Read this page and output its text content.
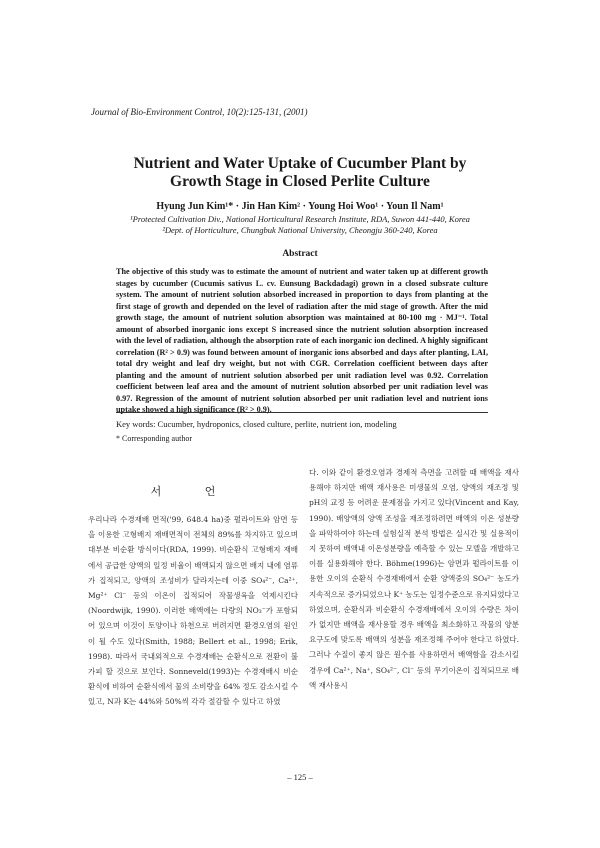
Journal of Bio-Environment Control, 10(2):125-131, (2001)
Nutrient and Water Uptake of Cucumber Plant by
Growth Stage in Closed Perlite Culture
Hyung Jun Kim¹* · Jin Han Kim² · Young Hoi Woo¹ · Youn Il Nam¹
¹Protected Cultivation Div., National Horticultural Research Institute, RDA, Suwon 441-440, Korea
²Dept. of Horticulture, Chungbuk National University, Cheongju 360-240, Korea
Abstract
The objective of this study was to estimate the amount of nutrient and water taken up at different growth stages by cucumber (Cucumis sativus L. cv. Eunsung Backdadagi) grown in a closed subsrate culture system. The amount of nutrient solution absorbed increased in proportion to days from planting at the first stage of growth and depended on the level of radiation after the mid stage of growth. After the mid growth stage, the amount of nutrient solution absorption was maintained at 80-100 mg · MJ⁻¹. Total amount of absorbed inorganic ions except S increased since the nutrient solution absorption increased with the level of radiation, although the absorption rate of each inorganic ion declined. A highly significant correlation (R² > 0.9) was found between amount of inorganic ions absorbed and days after planting, LAI, total dry weight and leaf dry weight, but not with CGR. Correlation coefficient between days after planting and the amount of nutrient solution absorbed per unit radiation level was 0.92. Correlation coefficient between leaf area and the amount of nutrient solution absorbed per unit radiation level was 0.97. Regression of the amount of nutrient solution absorbed per unit radiation level and nutrient ions uptake showed a high significance (R² > 0.9).
Key words: Cucumber, hydroponics, closed culture, perlite, nutrient ion, modeling
* Corresponding author
서 언
우리나라 수경재배 면적('99, 648.4 ha)중 펄라이트와 암면 등을 이용한 고형배지 재배면적이 전체의 89%를 차지하고 있으며 대부분 비순환 방식이다(RDA, 1999). 비순환식 고형배지 재배에서 공급한 양액의 일정 비율이 배액되지 않으면 배지 내에 염류가 집적되고, 양액의 조성비가 달라지는데 이중 SO₄²⁻, Ca²⁺, Mg²⁺ Cl⁻ 등의 이온이 집적되어 작물생육을 억제시킨다(Noordwijk, 1990). 이러한 배액에는 다량의 NO₃⁻가 포함되어 있으며 이것이 토양이나 하천으로 버려지면 환경오염의 원인이 될 수도 있다(Smith, 1988; Bellert et al., 1998; Erik, 1998). 따라서 국내외적으로 수경재배는 순환식으로 전환이 불가피 할 것으로 보인다. Sonneveld(1993)는 수경재배시 비순환식에 비하여 순환식에서 물의 소비량을 64% 정도 감소시킬 수 있고, N과 K는 44%와 50%씩 각각 절감할 수 있다고 하였
다. 이와 같이 환경오염과 경제적 측면을 고려할 때 배액을 재사용해야 하지만 배액 재사용은 미생물의 오염, 양액의 재조정 및 pH의 교정 등 어려운 문제점을 가지고 있다(Vincent and Kay, 1990). 배양액의 양액 조성을 재조정하려면 배액의 이온 성분량을 파악하여야 하는데 실험실적 분석 방법은 실시간 및 실용적이지 못하여 배액내 이온성분량을 예측할 수 있는 모델을 개발하고 이를 실용화해야 한다. Böhme(1996)는 암면과 펄라이트를 이용한 오이의 순환식 수경재배에서 순환 양액중의 SO₄²⁻ 농도가 지속적으로 증가되었으나 K⁺ 농도는 일정수준으로 유지되었다고 하였으며, 순환식과 비순환식 수경재배에서 오이의 수량은 차이가 없지만 배액을 재사용할 경우 배액을 최소화하고 작물의 양분요구도에 맞도록 배액의 성분을 재조정해 주어야 한다고 하였다. 그러나 수질이 좋지 않은 원수를 사용하면서 배액함을 감소시킬 경우에 Ca²⁺, Na⁺, SO₄²⁻, Cl⁻ 등의 무기이온이 집적되므로 배액 재사용시
– 125 –
